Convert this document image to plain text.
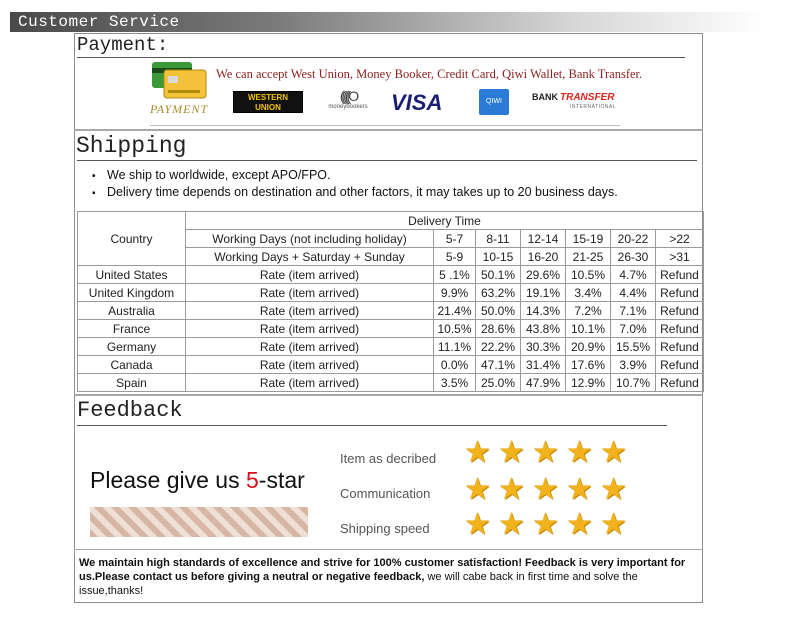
Customer Service
Payment:
We can accept West Union, Money Booker, Credit Card, Qiwi Wallet, Bank Transfer.
PAYMENT
WESTERN
UNION
(((((O
moneybookers VISA	QIWI	BANK TRANSFER
INTERNATIONAL
Shipping
• We ship to worldwide, except APO/FPO.
▪ Delivery time depends on destination and other factors, it may takes up to 20 business days.
Country	Delivery Time						
	Working Days (not including holiday)	5-7	8-11	12-14	15-19	20-22	>22
	Working Days + Saturday + Sunday	5-9	10-15	16-20	21-25	26-30	>31
United States	Rate (item arrived)	5 .1%	50.1%	29.6%	10.5%	4.7%	Refund
United Kingdom	Rate (item arrived)	9.9%	63.2%	19.1%	3.4%	4.4%	Refund
Australia	Rate (item arrived)	21.4%	50.0%	14.3%	7.2%	7.1%	Refund
France	Rate (item arrived)	10.5%	28.6%	43.8%	10.1%	7.0%	Refund
Germany	Rate (item arrived)	11.1%	22.2%	30.3%	20.9%	15.5%	Refund
Canada	Rate (item arrived)	0.0%	47.1%	31.4%	17.6%	3.9%	Refund
Spain	Rate (item arrived)	3.5%	25.0%	47.9%	12.9%	10.7%	Refund
Feedback
Please give us 5-star
Item as decribed
Communication
Shipping speed
★ ★ ★ ★ ★
★ ★ ★ ★ ★
★ ★ ★ ★ ★
We maintain high standards of excellence and strive for 100% customer satisfaction! Feedback is very important for us.Please contact us before giving a neutral or negative feedback, we will cabe back in first time and solve the issue,thanks!
